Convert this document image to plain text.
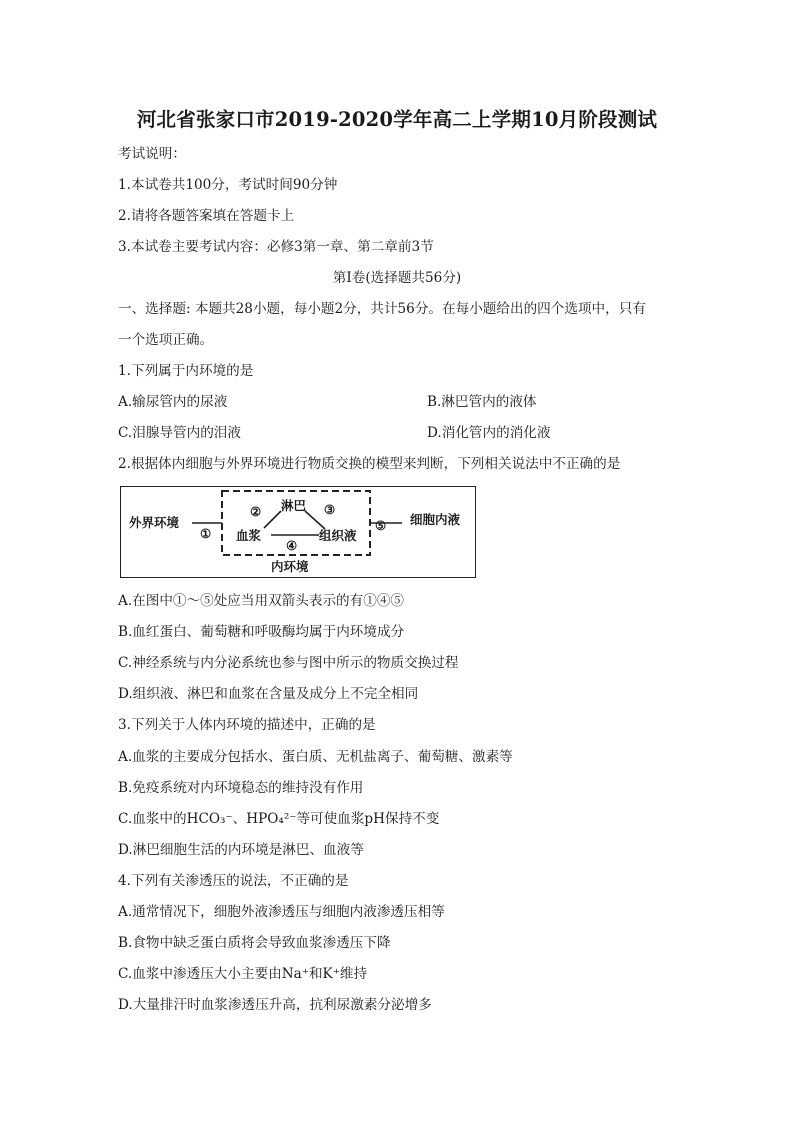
河北省张家口市2019-2020学年高二上学期10月阶段测试
考试说明：
1.本试卷共100分，考试时间90分钟
2.请将各题答案填在答题卡上
3.本试卷主要考试内容：必修3第一章、第二章前3节
第Ⅰ卷(选择题共56分)
一、选择题: 本题共28小题，每小题2分，共计56分。在每小题给出的四个选项中，只有
一个选项正确。
1.下列属于内环境的是
A.输尿管内的尿液	B.淋巴管内的液体
C.泪腺导管内的泪液	D.消化管内的消化液
2.根据体内细胞与外界环境进行物质交换的模型来判断，下列相关说法中不正确的是
外界环境
①
淋巴
②	③
血浆	组织液
④
⑤ 细胞内液
内环境
A.在图中①～⑤处应当用双箭头表示的有①④⑤
B.血红蛋白、葡萄糖和呼吸酶均属于内环境成分
C.神经系统与内分泌系统也参与图中所示的物质交换过程
D.组织液、淋巴和血浆在含量及成分上不完全相同
3.下列关于人体内环境的描述中，正确的是
A.血浆的主要成分包括水、蛋白质、无机盐离子、葡萄糖、激素等
B.免疫系统对内环境稳态的维持没有作用
C.血浆中的HCO₃⁻、HPO₄²⁻等可使血浆pH保持不变
D.淋巴细胞生活的内环境是淋巴、血液等
4.下列有关渗透压的说法，不正确的是
A.通常情况下，细胞外液渗透压与细胞内液渗透压相等
B.食物中缺乏蛋白质将会导致血浆渗透压下降
C.血浆中渗透压大小主要由Na⁺和K⁺维持
D.大量排汗时血浆渗透压升高，抗利尿激素分泌增多
